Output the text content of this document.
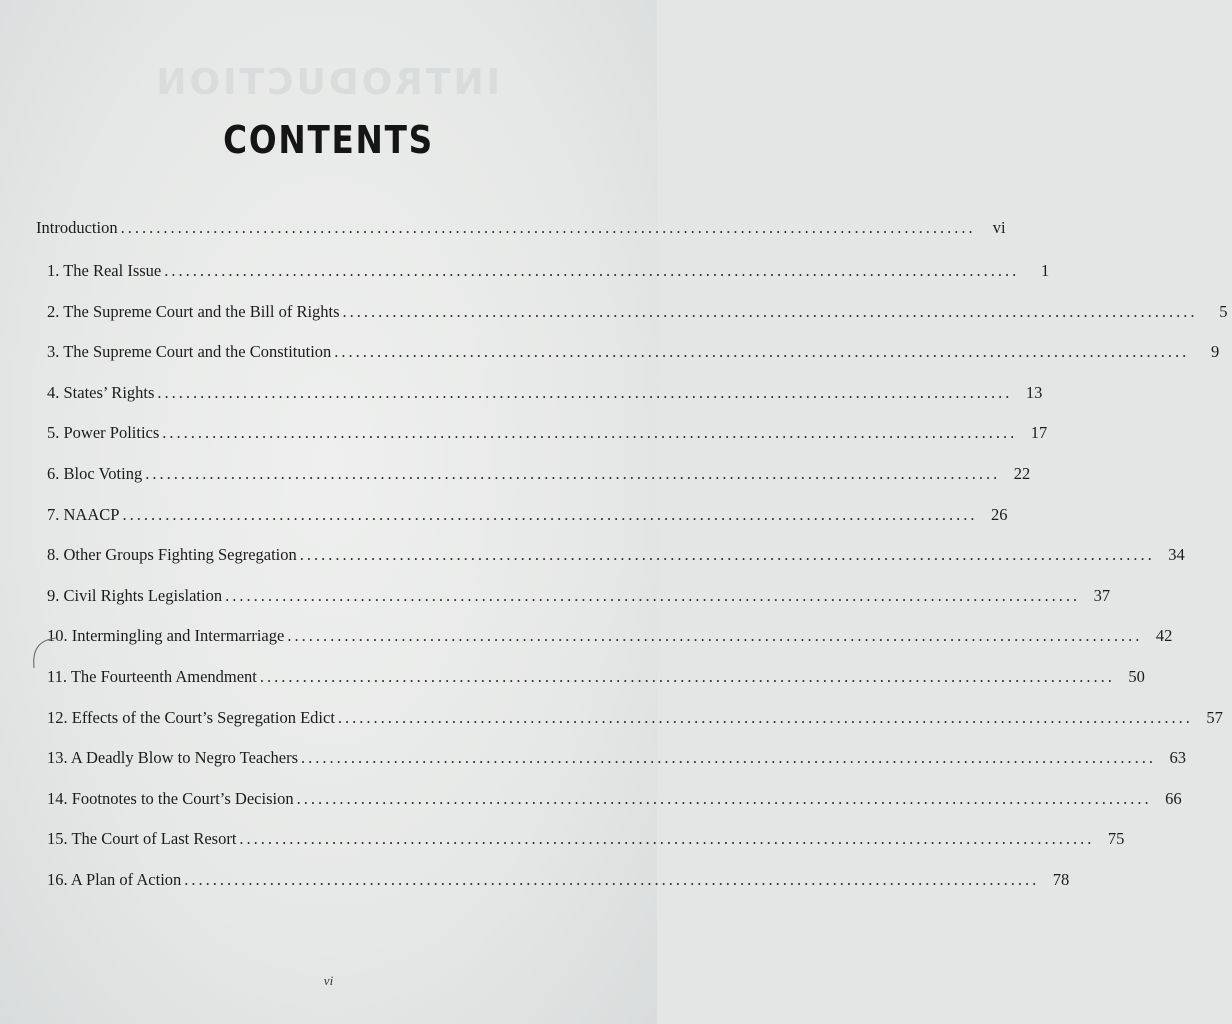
INTRODUCTION
CONTENTS
Introduction ........................................................................................................................	vi
1. The Real Issue ........................................................................................................................	1
2. The Supreme Court and the Bill of Rights ........................................................................................................................	5
3. The Supreme Court and the Constitution ........................................................................................................................	9
4. States’ Rights ........................................................................................................................ 13
5. Power Politics ........................................................................................................................ 17
6. Bloc Voting ........................................................................................................................ 22
7. NAACP ........................................................................................................................ 26
8. Other Groups Fighting Segregation ........................................................................................................................ 34
9. Civil Rights Legislation ........................................................................................................................ 37
10. Intermingling and Intermarriage ........................................................................................................................ 42
11. The Fourteenth Amendment ........................................................................................................................ 50
12. Effects of the Court’s Segregation Edict ........................................................................................................................ 57
13. A Deadly Blow to Negro Teachers ........................................................................................................................ 63
14. Footnotes to the Court’s Decision ........................................................................................................................ 66
15. The Court of Last Resort ........................................................................................................................ 75
16. A Plan of Action ........................................................................................................................ 78
vi
